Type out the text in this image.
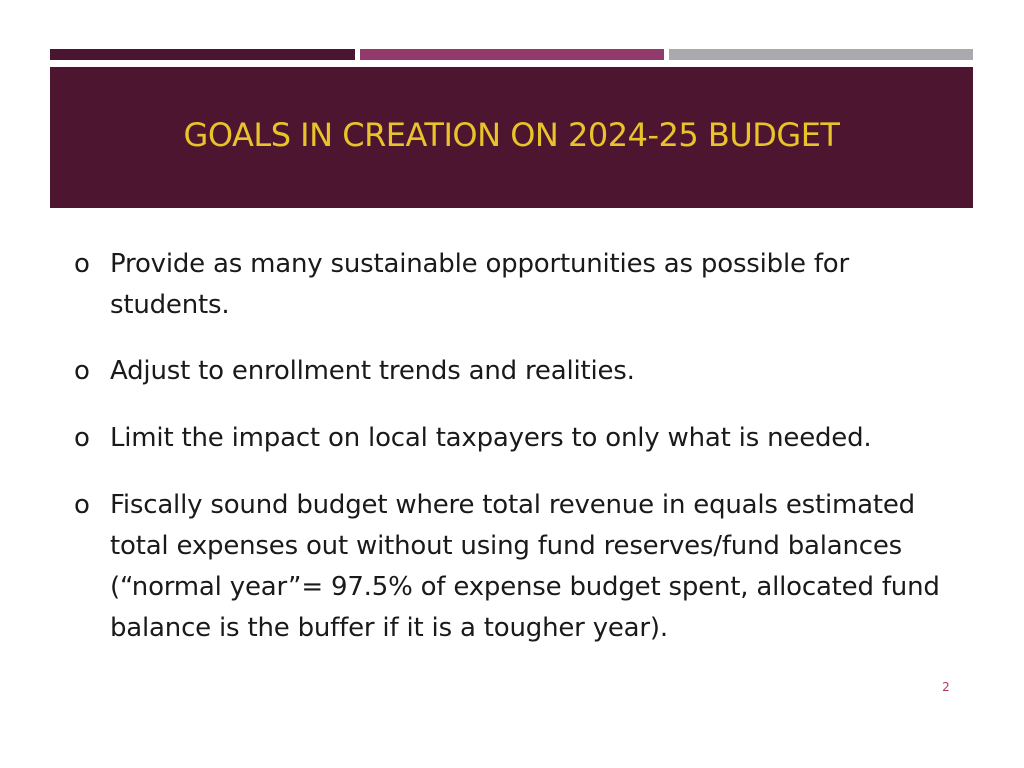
GOALS IN CREATION ON 2024-25 BUDGET
o Provide as many sustainable opportunities as possible for students.
o Adjust to enrollment trends and realities.
o Limit the impact on local taxpayers to only what is needed.
o Fiscally sound budget where total revenue in equals estimated total expenses out without using fund reserves/fund balances (“normal year”= 97.5% of expense budget spent, allocated fund balance is the buffer if it is a tougher year).
2
